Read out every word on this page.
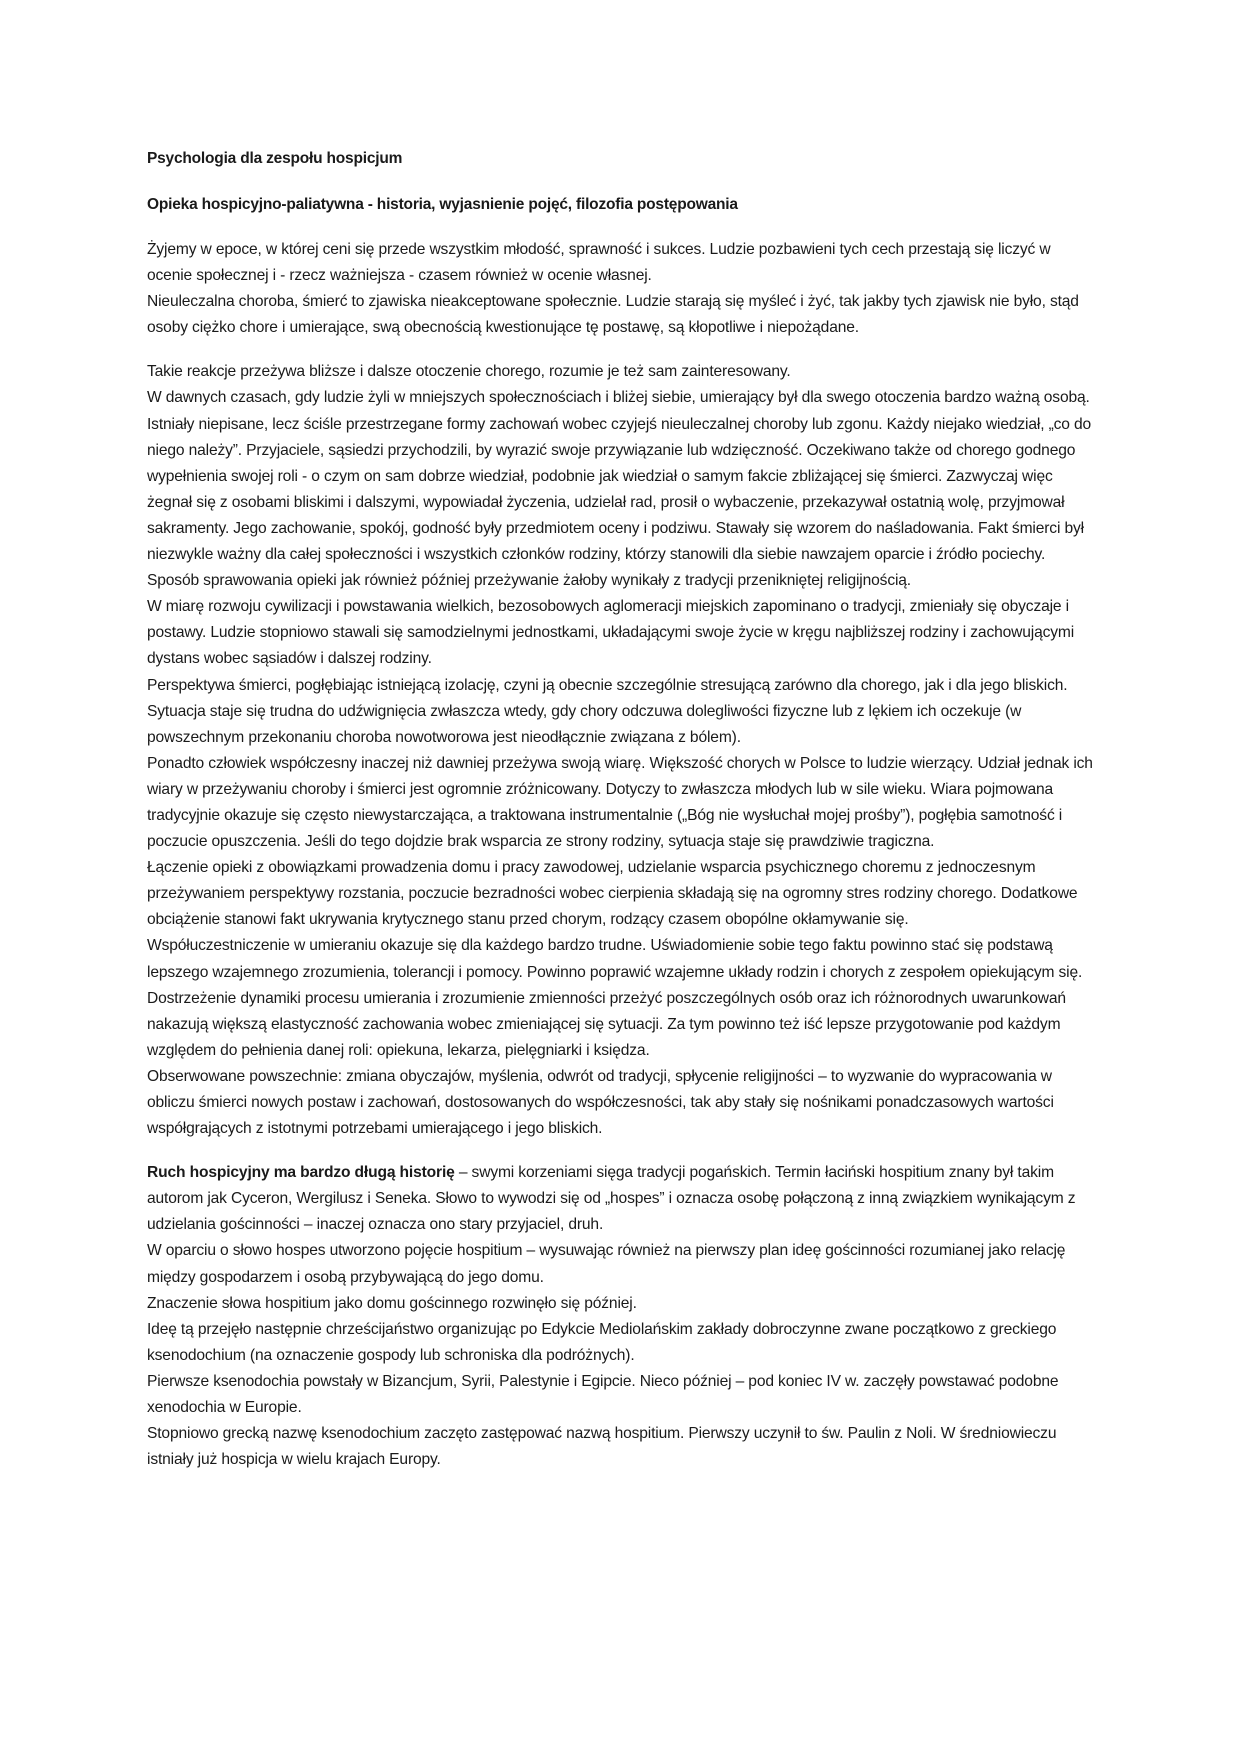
Psychologia dla zespołu hospicjum
Opieka hospicyjno-paliatywna - historia, wyjasnienie pojęć, filozofia postępowania

Żyjemy w epoce, w której ceni się przede wszystkim młodość, sprawność i sukces. Ludzie pozbawieni tych cech przestają się liczyć w ocenie społecznej i - rzecz ważniejsza - czasem również w ocenie własnej.

Nieuleczalna choroba, śmierć to zjawiska nieakceptowane społecznie. Ludzie starają się myśleć i żyć, tak jakby tych zjawisk nie było, stąd osoby ciężko chore i umierające, swą obecnością kwestionujące tę postawę, są kłopotliwe i niepożądane.

Takie reakcje przeżywa bliższe i dalsze otoczenie chorego, rozumie je też sam zainteresowany.

W dawnych czasach, gdy ludzie żyli w mniejszych społecznościach i bliżej siebie, umierający był dla swego otoczenia bardzo ważną osobą. Istniały niepisane, lecz ściśle przestrzegane formy zachowań wobec czyjejś nieuleczalnej choroby lub zgonu. Każdy niejako wiedział, „co do niego należy”. Przyjaciele, sąsiedzi przychodzili, by wyrazić swoje przywiązanie lub wdzięczność. Oczekiwano także od chorego godnego wypełnienia swojej roli - o czym on sam dobrze wiedział, podobnie jak wiedział o samym fakcie zbliżającej się śmierci. Zazwyczaj więc żegnał się z osobami bliskimi i dalszymi, wypowiadał życzenia, udzielał rad, prosił o wybaczenie, przekazywał ostatnią wolę, przyjmował sakramenty. Jego zachowanie, spokój, godność były przedmiotem oceny i podziwu. Stawały się wzorem do naśladowania. Fakt śmierci był niezwykle ważny dla całej społeczności i wszystkich członków rodziny, którzy stanowili dla siebie nawzajem oparcie i źródło pociechy. Sposób sprawowania opieki jak również później przeżywanie żałoby wynikały z tradycji przenikniętej religijnością.

W miarę rozwoju cywilizacji i powstawania wielkich, bezosobowych aglomeracji miejskich zapominano o tradycji, zmieniały się obyczaje i postawy. Ludzie stopniowo stawali się samodzielnymi jednostkami, układającymi swoje życie w kręgu najbliższej rodziny i zachowującymi dystans wobec sąsiadów i dalszej rodziny.

Perspektywa śmierci, pogłębiając istniejącą izolację, czyni ją obecnie szczególnie stresującą zarówno dla chorego, jak i dla jego bliskich. Sytuacja staje się trudna do udźwignięcia zwłaszcza wtedy, gdy chory odczuwa dolegliwości fizyczne lub z lękiem ich oczekuje (w powszechnym przekonaniu choroba nowotworowa jest nieodłącznie związana z bólem).

Ponadto człowiek współczesny inaczej niż dawniej przeżywa swoją wiarę. Większość chorych w Polsce to ludzie wierzący. Udział jednak ich wiary w przeżywaniu choroby i śmierci jest ogromnie zróżnicowany. Dotyczy to zwłaszcza młodych lub w sile wieku. Wiara pojmowana tradycyjnie okazuje się często niewystarczająca, a traktowana instrumentalnie („Bóg nie wysłuchał mojej prośby”), pogłębia samotność i poczucie opuszczenia. Jeśli do tego dojdzie brak wsparcia ze strony rodziny, sytuacja staje się prawdziwie tragiczna.

Łączenie opieki z obowiązkami prowadzenia domu i pracy zawodowej, udzielanie wsparcia psychicznego choremu z jednoczesnym przeżywaniem perspektywy rozstania, poczucie bezradności wobec cierpienia składają się na ogromny stres rodziny chorego. Dodatkowe obciążenie stanowi fakt ukrywania krytycznego stanu przed chorym, rodzący czasem obopólne okłamywanie się.

Współuczestniczenie w umieraniu okazuje się dla każdego bardzo trudne. Uświadomienie sobie tego faktu powinno stać się podstawą lepszego wzajemnego zrozumienia, tolerancji i pomocy. Powinno poprawić wzajemne układy rodzin i chorych z zespołem opiekującym się.

Dostrzeżenie dynamiki procesu umierania i zrozumienie zmienności przeżyć poszczególnych osób oraz ich różnorodnych uwarunkowań nakazują większą elastyczność zachowania wobec zmieniającej się sytuacji. Za tym powinno też iść lepsze przygotowanie pod każdym względem do pełnienia danej roli: opiekuna, lekarza, pielęgniarki i księdza.

Obserwowane powszechnie: zmiana obyczajów, myślenia, odwrót od tradycji, spłycenie religijności – to wyzwanie do wypracowania w obliczu śmierci nowych postaw i zachowań, dostosowanych do współczesności, tak aby stały się nośnikami ponadczasowych wartości współgrających z istotnymi potrzebami umierającego i jego bliskich.

Ruch hospicyjny ma bardzo długą historię – swymi korzeniami sięga tradycji pogańskich. Termin łaciński hospitium znany był takim autorom jak Cyceron, Wergilusz i Seneka. Słowo to wywodzi się od „hospes” i oznacza osobę połączoną z inną związkiem wynikającym z udzielania gościnności – inaczej oznacza ono stary przyjaciel, druh.

W oparciu o słowo hospes utworzono pojęcie hospitium – wysuwając również na pierwszy plan ideę gościnności rozumianej jako relację między gospodarzem i osobą przybywającą do jego domu.

Znaczenie słowa hospitium jako domu gościnnego rozwinęło się później.

Ideę tą przejęło następnie chrześcijaństwo organizując po Edykcie Mediolańskim zakłady dobroczynne zwane początkowo z greckiego ksenodochium (na oznaczenie gospody lub schroniska dla podróżnych).

Pierwsze ksenodochia powstały w Bizancjum, Syrii, Palestynie i Egipcie. Nieco później – pod koniec IV w. zaczęły powstawać podobne xenodochia w Europie.

Stopniowo grecką nazwę ksenodochium zaczęto zastępować nazwą hospitium. Pierwszy uczynił to św. Paulin z Noli. W średniowieczu istniały już hospicja w wielu krajach Europy.
